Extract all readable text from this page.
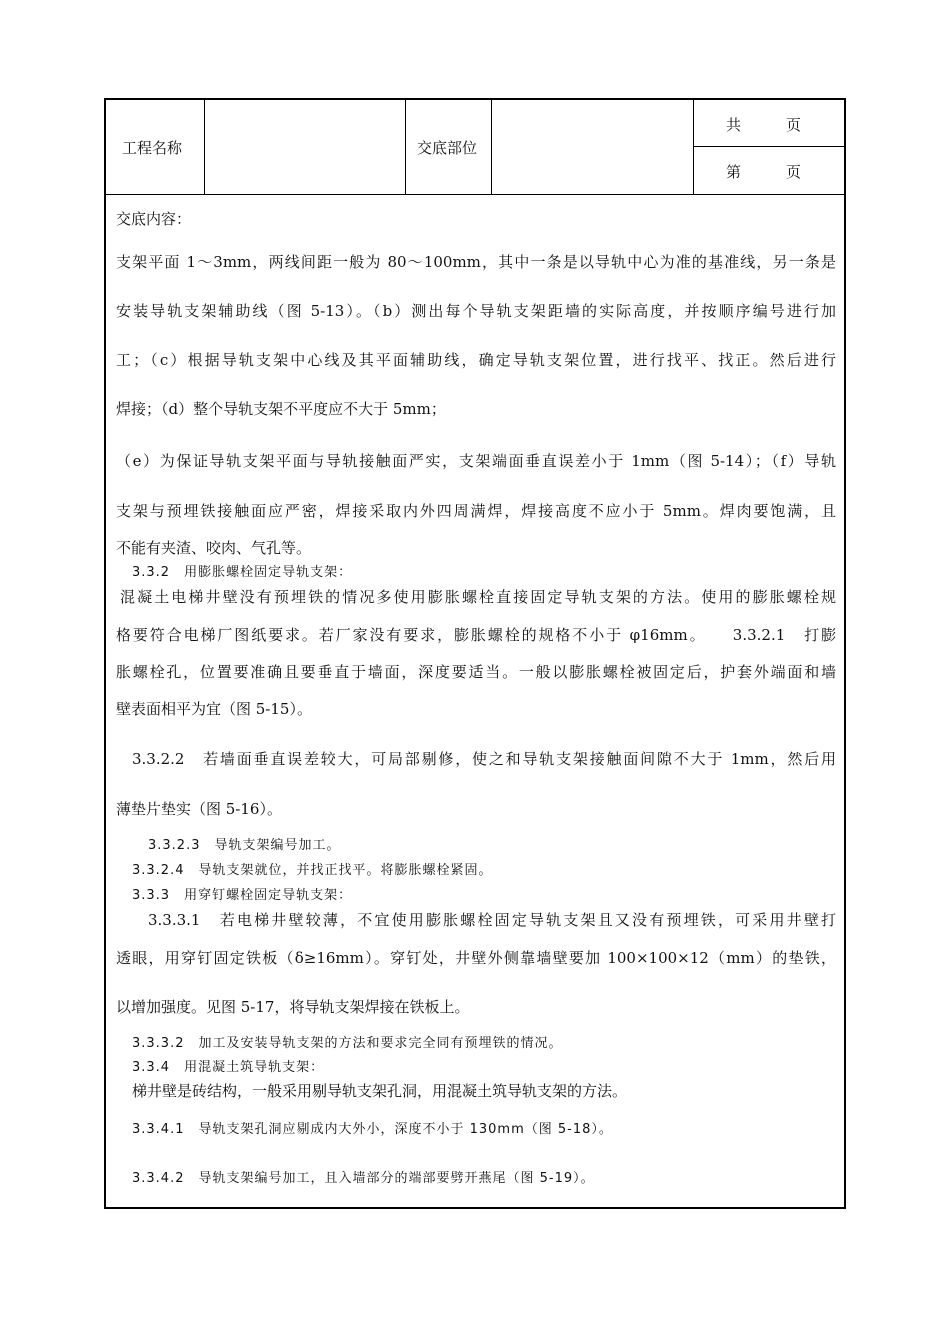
工程名称	交底部位
共　　　页
第　　　页
交底内容：
支架平面 1～3mm，两线间距一般为 80～100mm，其中一条是以导轨中心为准的基准线，另一条是
安装导轨支架辅助线（图 5-13）。（b）测出每个导轨支架距墙的实际高度，并按顺序编号进行加
工；（c）根据导轨支架中心线及其平面辅助线，确定导轨支架位置，进行找平、找正。然后进行
焊接；（d）整个导轨支架不平度应不大于 5mm；
（e）为保证导轨支架平面与导轨接触面严实，支架端面垂直误差小于 1mm（图 5-14）；（f）导轨
支架与预埋铁接触面应严密，焊接采取内外四周满焊，焊接高度不应小于 5mm。焊肉要饱满，且
不能有夹渣、咬肉、气孔等。
3.3.2　用膨胀螺栓固定导轨支架：
混凝土电梯井壁没有预埋铁的情况多使用膨胀螺栓直接固定导轨支架的方法。使用的膨胀螺栓规
格要符合电梯厂图纸要求。若厂家没有要求，膨胀螺栓的规格不小于 φ16mm。　　3.3.2.1　打膨
胀螺栓孔，位置要准确且要垂直于墙面，深度要适当。一般以膨胀螺栓被固定后，护套外端面和墙
壁表面相平为宜（图 5-15）。
3.3.2.2　若墙面垂直误差较大，可局部剔修，使之和导轨支架接触面间隙不大于 1mm，然后用
薄垫片垫实（图 5-16）。
3.3.2.3　导轨支架编号加工。
3.3.2.4　导轨支架就位，并找正找平。将膨胀螺栓紧固。
3.3.3　用穿钉螺栓固定导轨支架：
3.3.3.1　若电梯井壁较薄，不宜使用膨胀螺栓固定导轨支架且又没有预埋铁，可采用井壁打
透眼，用穿钉固定铁板（δ≥16mm）。穿钉处，井壁外侧靠墙壁要加 100×100×12（mm）的垫铁，
以增加强度。见图 5-17，将导轨支架焊接在铁板上。
3.3.3.2　加工及安装导轨支架的方法和要求完全同有预埋铁的情况。
3.3.4　用混凝土筑导轨支架：
梯井壁是砖结构，一般采用剔导轨支架孔洞，用混凝土筑导轨支架的方法。
3.3.4.1　导轨支架孔洞应剔成内大外小，深度不小于 130mm（图 5-18）。
3.3.4.2　导轨支架编号加工，且入墙部分的端部要劈开燕尾（图 5-19）。
